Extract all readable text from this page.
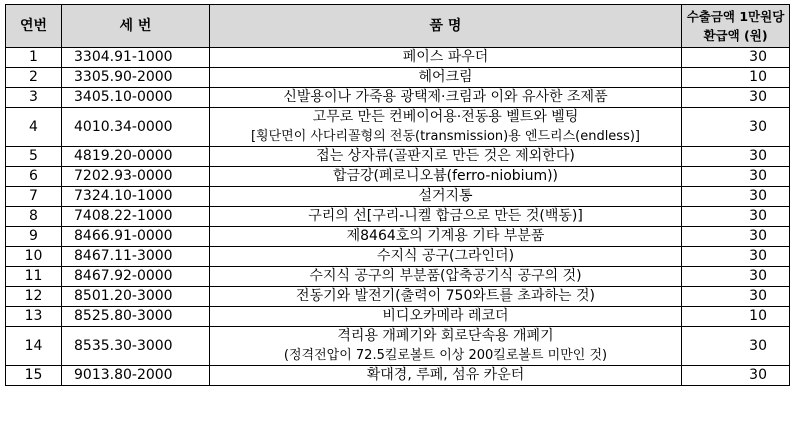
연번	세 번	품 명	수출금액 1만원당
환급액 (원)

1	3304.91-1000	페이스 파우더	30
2	3305.90-2000	헤어크림	10
3	3405.10-0000	신발용이나 가죽용 광택제·크림과 이와 유사한 조제품	30
4	4010.34-0000	고무로 만든 컨베이어용·전동용 벨트와 벨팅
[횡단면이 사다리꼴형의 전동(transmission)용 엔드리스(endless)]	30
5	4819.20-0000	접는 상자류(골판지로 만든 것은 제외한다)	30
6	7202.93-0000	합금강(페로니오븀(ferro-niobium))	30
7	7324.10-1000	설거지통	30
8	7408.22-1000	구리의 선[구리-니켈 합금으로 만든 것(백동)]	30
9	8466.91-0000	제8464호의 기계용 기타 부분품	30
10	8467.11-3000	수지식 공구(그라인더)	30
11	8467.92-0000	수지식 공구의 부분품(압축공기식 공구의 것)	30
12	8501.20-3000	전동기와 발전기(출력이 750와트를 초과하는 것)	30
13	8525.80-3000	비디오카메라 레코더	10
14	8535.30-3000	격리용 개폐기와 회로단속용 개폐기
(정격전압이 72.5킬로볼트 이상 200킬로볼트 미만인 것)	30
15	9013.80-2000	확대경, 루페, 섬유 카운터	30
